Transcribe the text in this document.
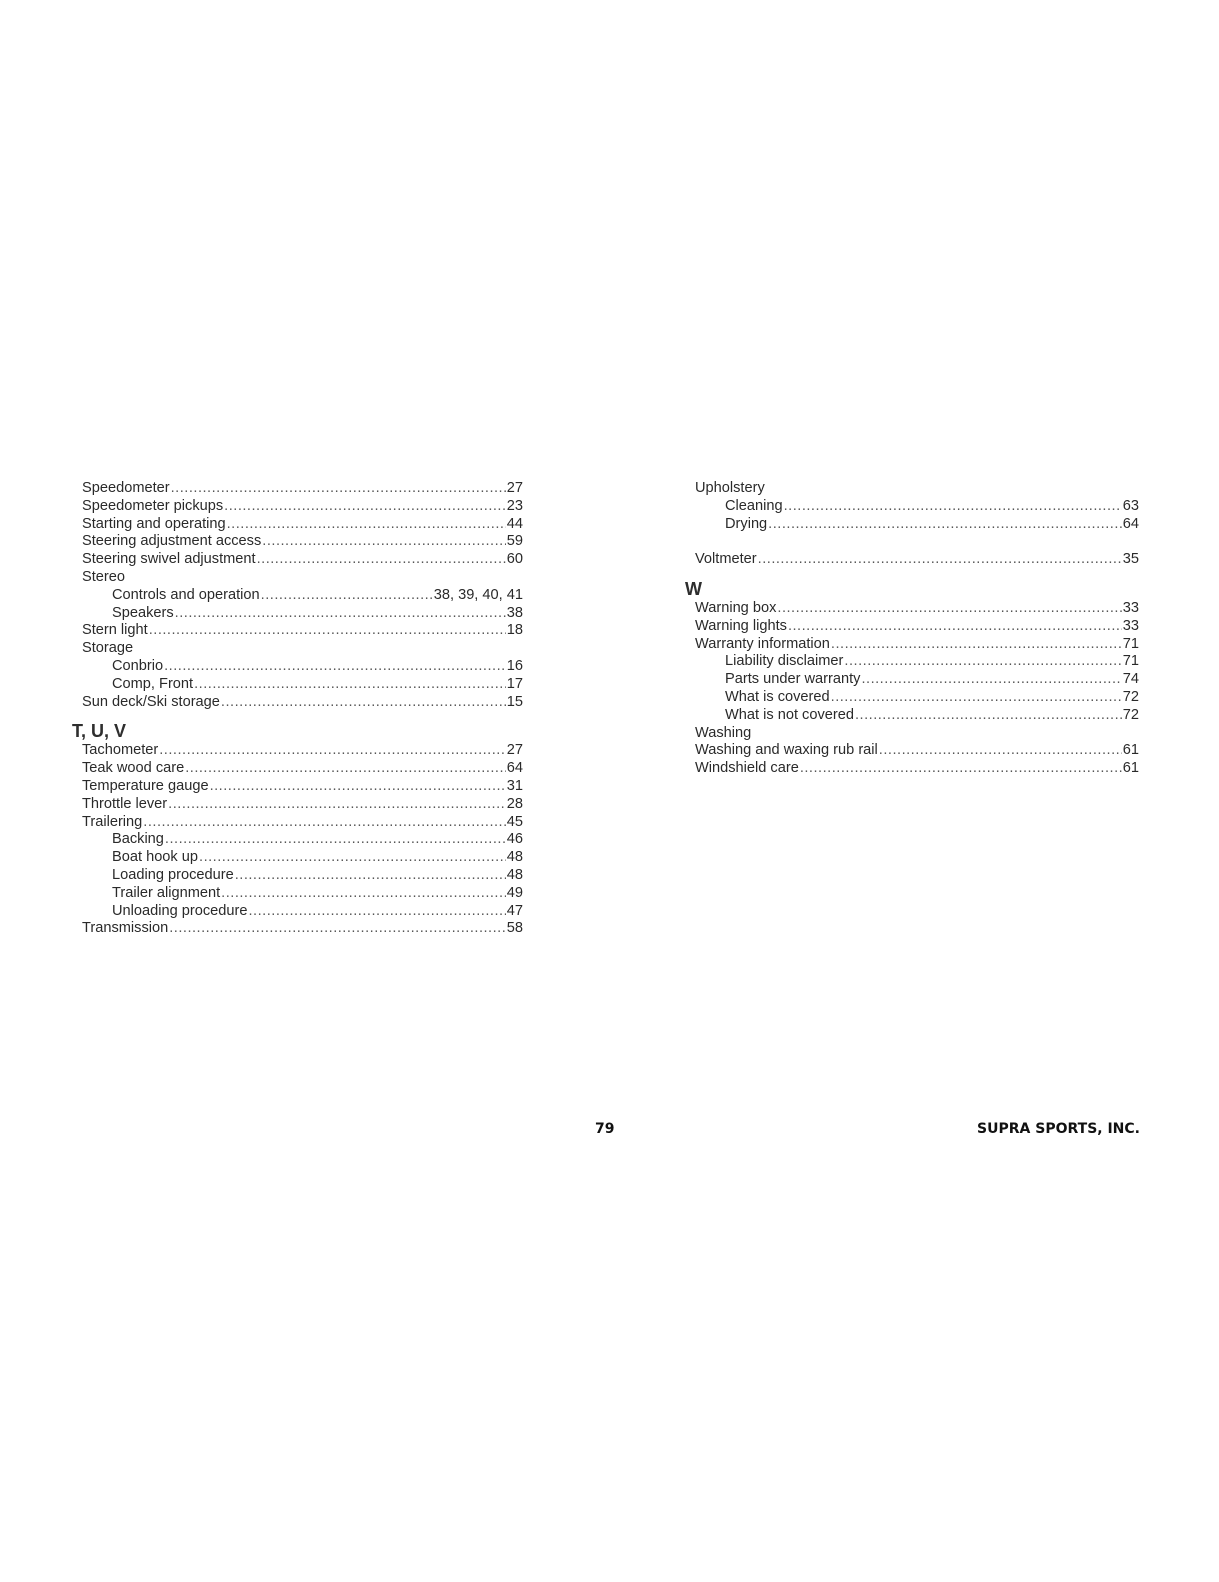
Speedometer .....	27
Speedometer pickups .....	23
Starting and operating .....	44
Steering adjustment access .....	59
Steering swivel adjustment .....	60
Stereo
Controls and operation .....	38, 39, 40, 41
Speakers .....	38
Stern light .....	18
Storage
Conbrio .....	16
Comp, Front .....	17
Sun deck/Ski storage .....	15
T, U, V
Tachometer .....	27
Teak wood care .....	64
Temperature gauge .....	31
Throttle lever .....	28
Trailering .....	45
Backing .....	46
Boat hook up .....	48
Loading procedure .....	48
Trailer alignment .....	49
Unloading procedure .....	47
Transmission .....	58
Upholstery
Cleaning .....	63
Drying .....	64
Voltmeter .....	35
W
Warning box .....	33
Warning lights .....	33
Warranty information .....	71
Liability disclaimer .....	71
Parts under warranty .....	74
What is covered .....	72
What is not covered .....	72
Washing
Washing and waxing rub rail .....	61
Windshield care .....	61
79	SUPRA SPORTS, INC.
